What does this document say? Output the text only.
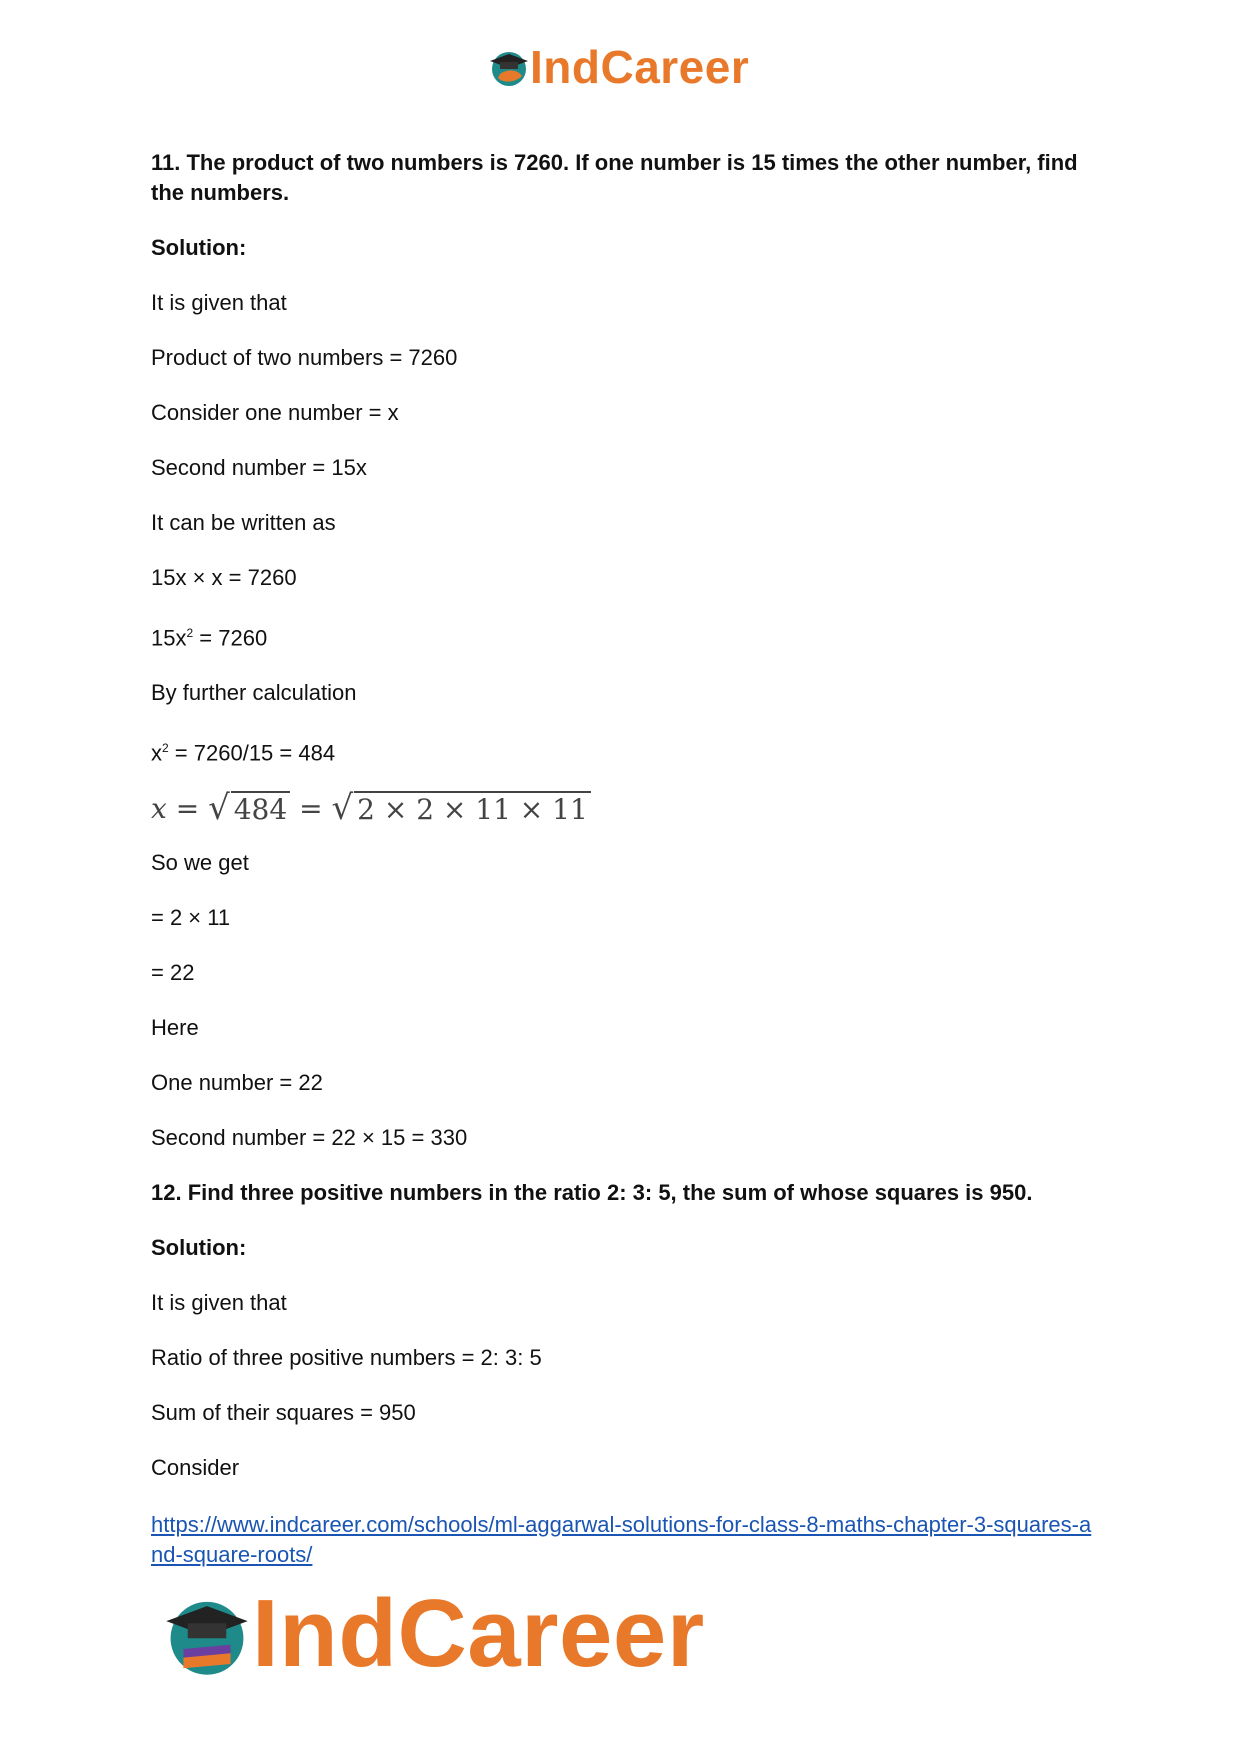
IndCareer

11. The product of two numbers is 7260. If one number is 15 times the other number, find the numbers.

Solution:

It is given that

Product of two numbers = 7260

Consider one number = x

Second number = 15x

It can be written as

15x × x = 7260

$15x^2 = 7260$

By further calculation

$x^2 = 7260/15 = 484$

x = √ 484 = √ 2 × 2 × 11 × 11

So we get

= 2 × 11

= 22

Here

One number = 22

Second number = 22 × 15 = 330

12. Find three positive numbers in the ratio 2: 3: 5, the sum of whose squares is 950.

Solution:

It is given that

Ratio of three positive numbers = 2: 3: 5

Sum of their squares = 950

Consider

https://www.indcareer.com/schools/ml-aggarwal-solutions-for-class-8-maths-chapter-3-squares-and-square-roots/
IndCareer
